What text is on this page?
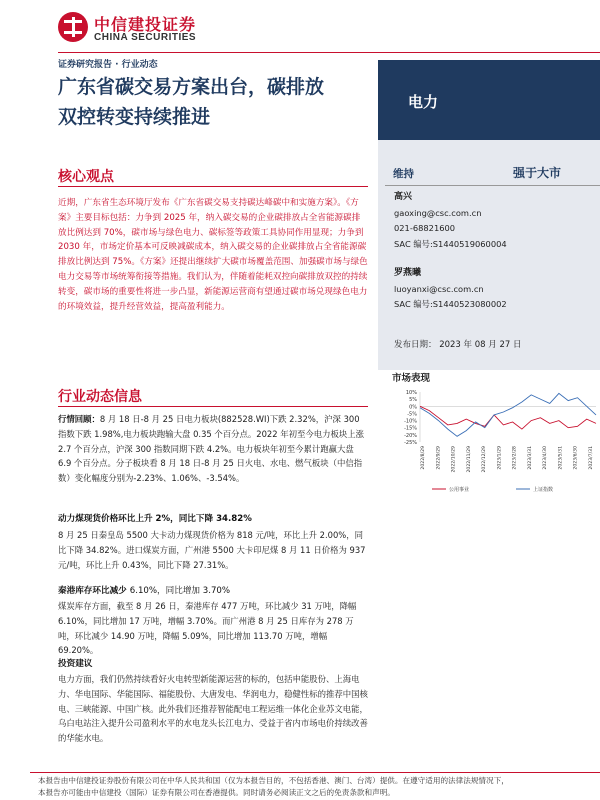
中信建投证券
CHINA SECURITIES
证券研究报告 · 行业动态
广东省碳交易方案出台，碳排放
双控转变持续推进
电力
维持	强于大市
高兴
gaoxing@csc.com.cn
021-68821600
SAC 编号:S1440519060004
罗燕曦
luoyanxi@csc.com.cn
SAC 编号:S1440523080002
发布日期： 2023 年 08 月 27 日
市场表现
10%
5%
0%
-5%
-10%
-15%
-20%
-25%
2022/8/29 2022/9/29 2022/10/29 2022/11/29 2022/12/29 2023/1/29 2023/2/28 2023/3/31 2023/4/30 2023/5/31 2023/6/30 2023/7/31
公用事业	上证指数
核心观点
近期，广东省生态环境厅发布《广东省碳交易支持碳达峰碳中和实施方案》。《方案》主要目标包括：力争到 2025 年，纳入碳交易的企业碳排放占全省能源碳排放比例达到 70%，碳市场与绿色电力、碳标签等政策工具协同作用显现；力争到 2030 年，市场定价基本可反映减碳成本，纳入碳交易的企业碳排放占全省能源碳排放比例达到 75%。《方案》还提出继续扩大碳市场覆盖范围、加强碳市场与绿色电力交易等市场统筹衔接等措施。我们认为，伴随着能耗双控向碳排放双控的持续转变，碳市场的重要性将进一步凸显，新能源运营商有望通过碳市场兑现绿色电力的环境效益，提升经营效益，提高盈利能力。
行业动态信息
行情回顾：8 月 18 日-8 月 25 日电力板块(882528.WI)下跌 2.32%，沪深 300 指数下跌 1.98%,电力板块跑输大盘 0.35 个百分点。2022 年初至今电力板块上涨 2.7 个百分点，沪深 300 指数同期下跌 4.2%。电力板块年初至今累计跑赢大盘 6.9 个百分点。分子板块看 8 月 18 日-8 月 25 日火电、水电、燃气板块（中信指数）变化幅度分别为-2.23%、1.06%、-3.54%。
动力煤现货价格环比上升 2%，同比下降 34.82%
8 月 25 日秦皇岛 5500 大卡动力煤现货价格为 818 元/吨，环比上升 2.00%，同比下降 34.82%。进口煤炭方面，广州港 5500 大卡印尼煤 8 月 11 日价格为 937 元/吨，环比上升 0.43%，同比下降 27.31%。
秦港库存环比减少 6.10%，同比增加 3.70%
煤炭库存方面，截至 8 月 26 日，秦港库存 477 万吨，环比减少 31 万吨，降幅 6.10%，同比增加 17 万吨，增幅 3.70%。而广州港 8 月 25 日库存为 278 万吨，环比减少 14.90 万吨，降幅 5.09%，同比增加 113.70 万吨，增幅 69.20%。
投资建议
电力方面，我们仍然持续看好火电转型新能源运营的标的，包括申能股份、上海电力、华电国际、华能国际、福能股份、大唐发电、华润电力，稳健性标的推荐中国核电、三峡能源、中国广核。此外我们还推荐智能配电工程运维一体化企业苏文电能，乌白电站注入提升公司盈利水平的水电龙头长江电力、受益于省内市场电价持续改善的华能水电。
本报告由中信建投证券股份有限公司在中华人民共和国（仅为本报告目的，不包括香港、澳门、台湾）提供。在遵守适用的法律法规情况下，
本报告亦可能由中信建投（国际）证券有限公司在香港提供。同时请务必阅读正文之后的免责条款和声明。
